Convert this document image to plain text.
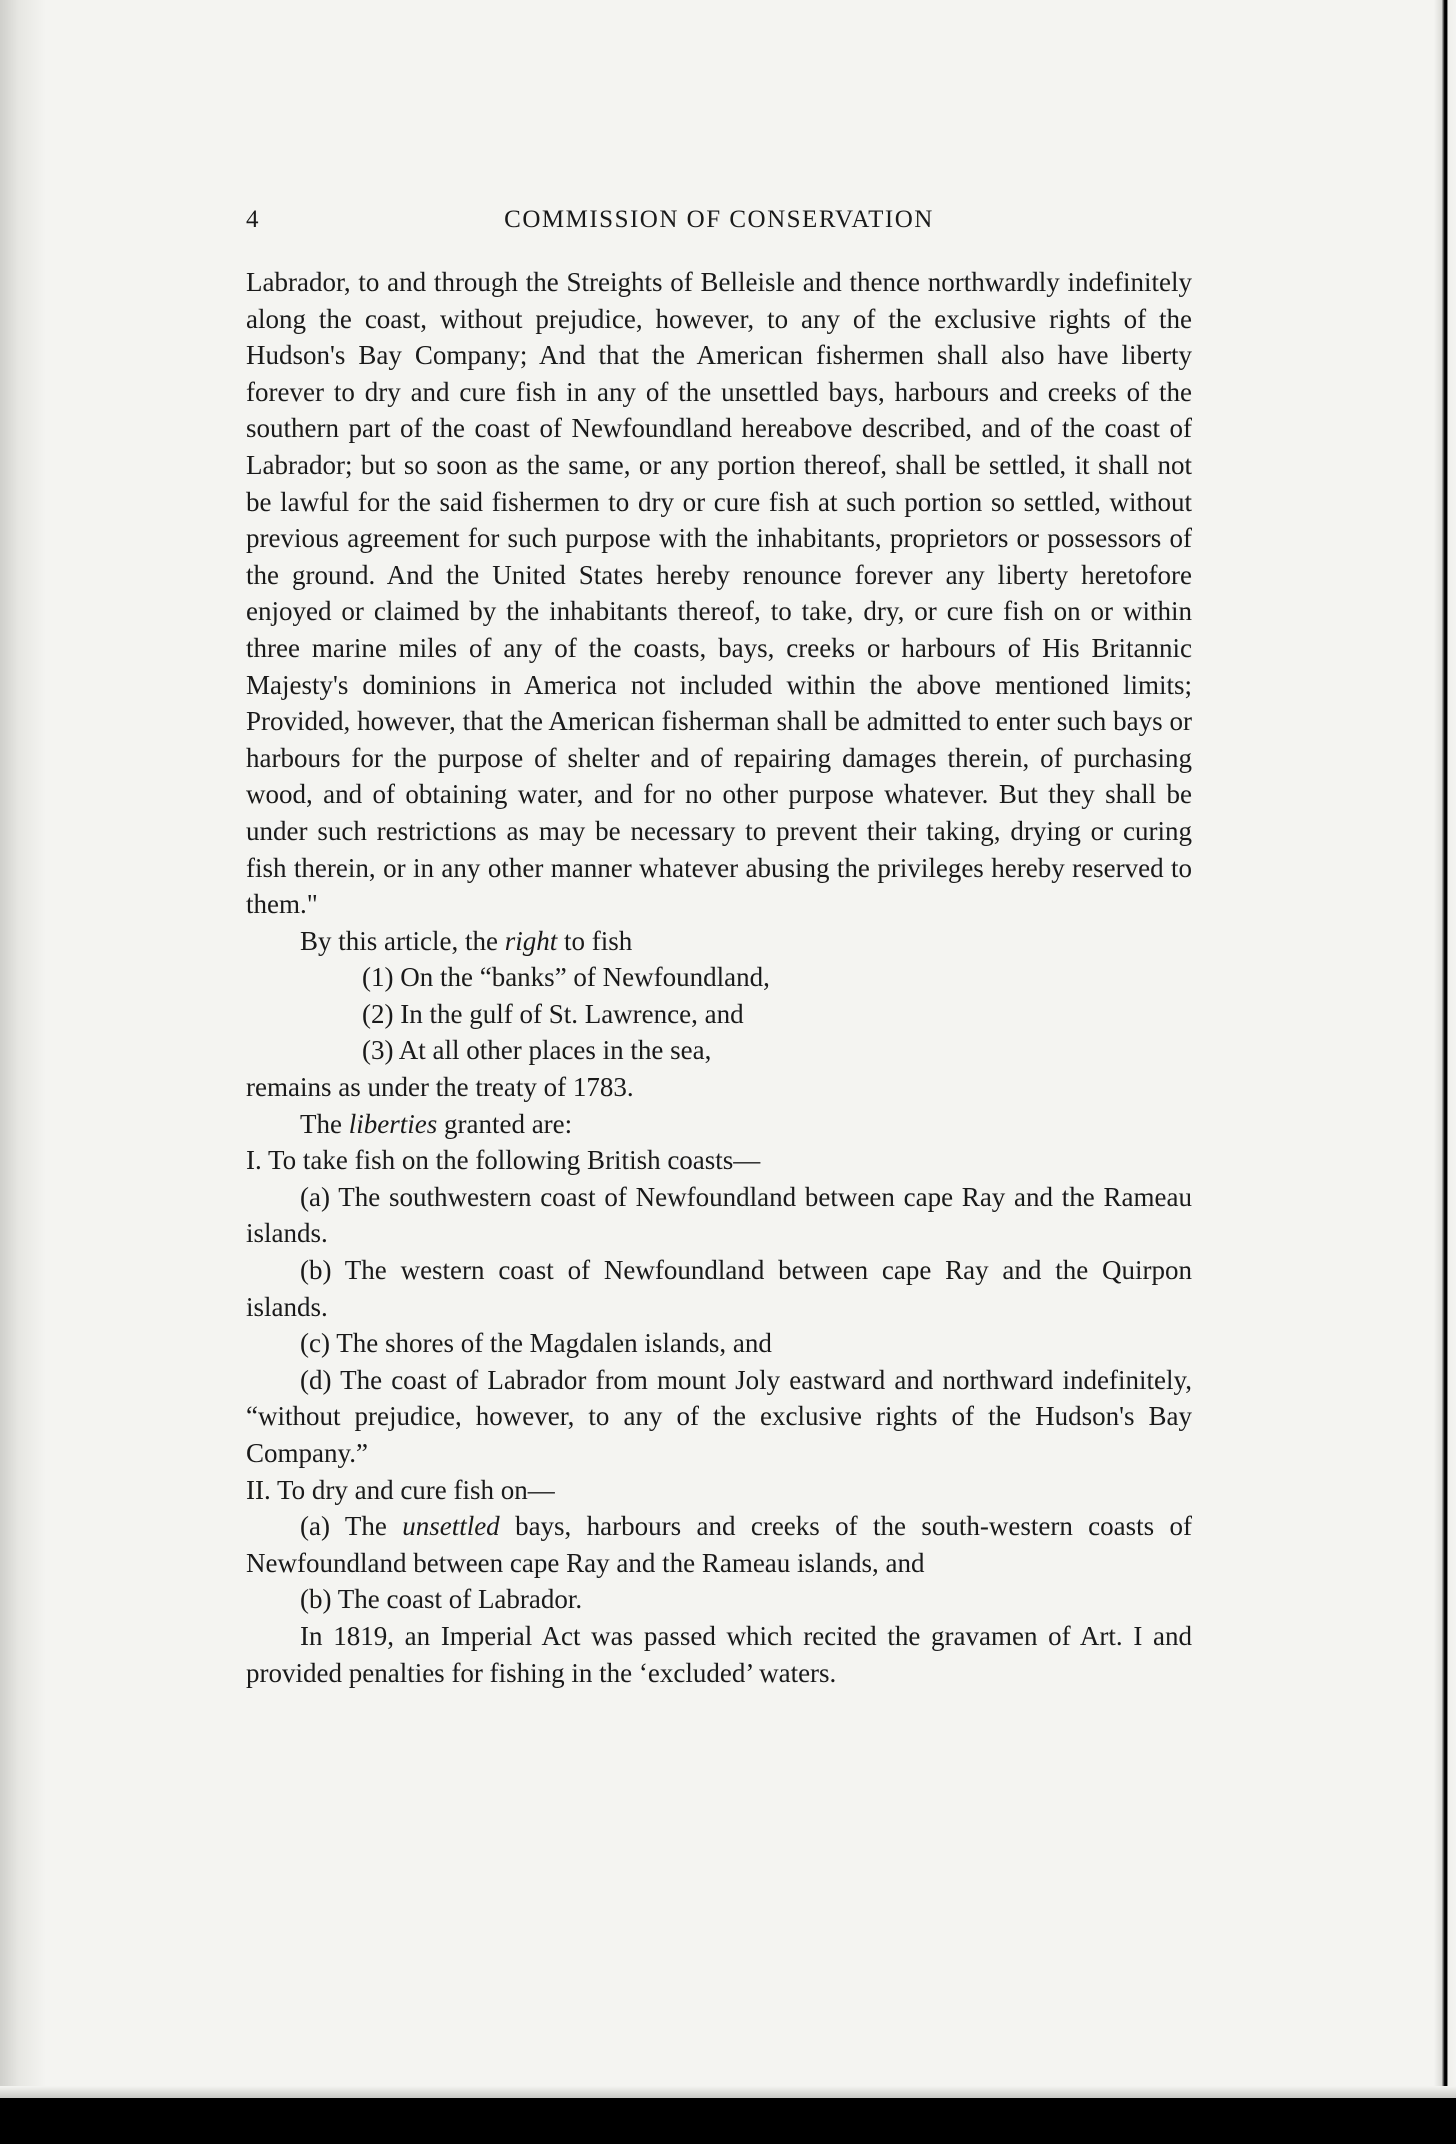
4	COMMISSION OF CONSERVATION

Labrador, to and through the Streights of Belleisle and thence northwardly indefinitely along the coast, without prejudice, however, to any of the exclusive rights of the Hudson's Bay Company; And that the American fishermen shall also have liberty forever to dry and cure fish in any of the unsettled bays, harbours and creeks of the southern part of the coast of Newfoundland hereabove described, and of the coast of Labrador; but so soon as the same, or any portion thereof, shall be settled, it shall not be lawful for the said fishermen to dry or cure fish at such portion so settled, without previous agreement for such purpose with the inhabitants, proprietors or possessors of the ground. And the United States hereby renounce forever any liberty heretofore enjoyed or claimed by the inhabitants thereof, to take, dry, or cure fish on or within three marine miles of any of the coasts, bays, creeks or harbours of His Britannic Majesty's dominions in America not included within the above mentioned limits; Provided, however, that the American fisherman shall be admitted to enter such bays or harbours for the purpose of shelter and of repairing damages therein, of purchasing wood, and of obtaining water, and for no other purpose whatever. But they shall be under such restrictions as may be necessary to prevent their taking, drying or curing fish therein, or in any other manner whatever abusing the privileges hereby reserved to them."

By this article, the right to fish

(1) On the “banks” of Newfoundland,

(2) In the gulf of St. Lawrence, and

(3) At all other places in the sea,

remains as under the treaty of 1783.

The liberties granted are:

I. To take fish on the following British coasts—

(a) The southwestern coast of Newfoundland between cape Ray and the Rameau islands.

(b) The western coast of Newfoundland between cape Ray and the Quirpon islands.

(c) The shores of the Magdalen islands, and

(d) The coast of Labrador from mount Joly eastward and northward indefinitely, “without prejudice, however, to any of the exclusive rights of the Hudson's Bay Company.”

II. To dry and cure fish on—

(a) The unsettled bays, harbours and creeks of the south-western coasts of Newfoundland between cape Ray and the Rameau islands, and

(b) The coast of Labrador.

In 1819, an Imperial Act was passed which recited the gravamen of Art. I and provided penalties for fishing in the ‘excluded’ waters.
